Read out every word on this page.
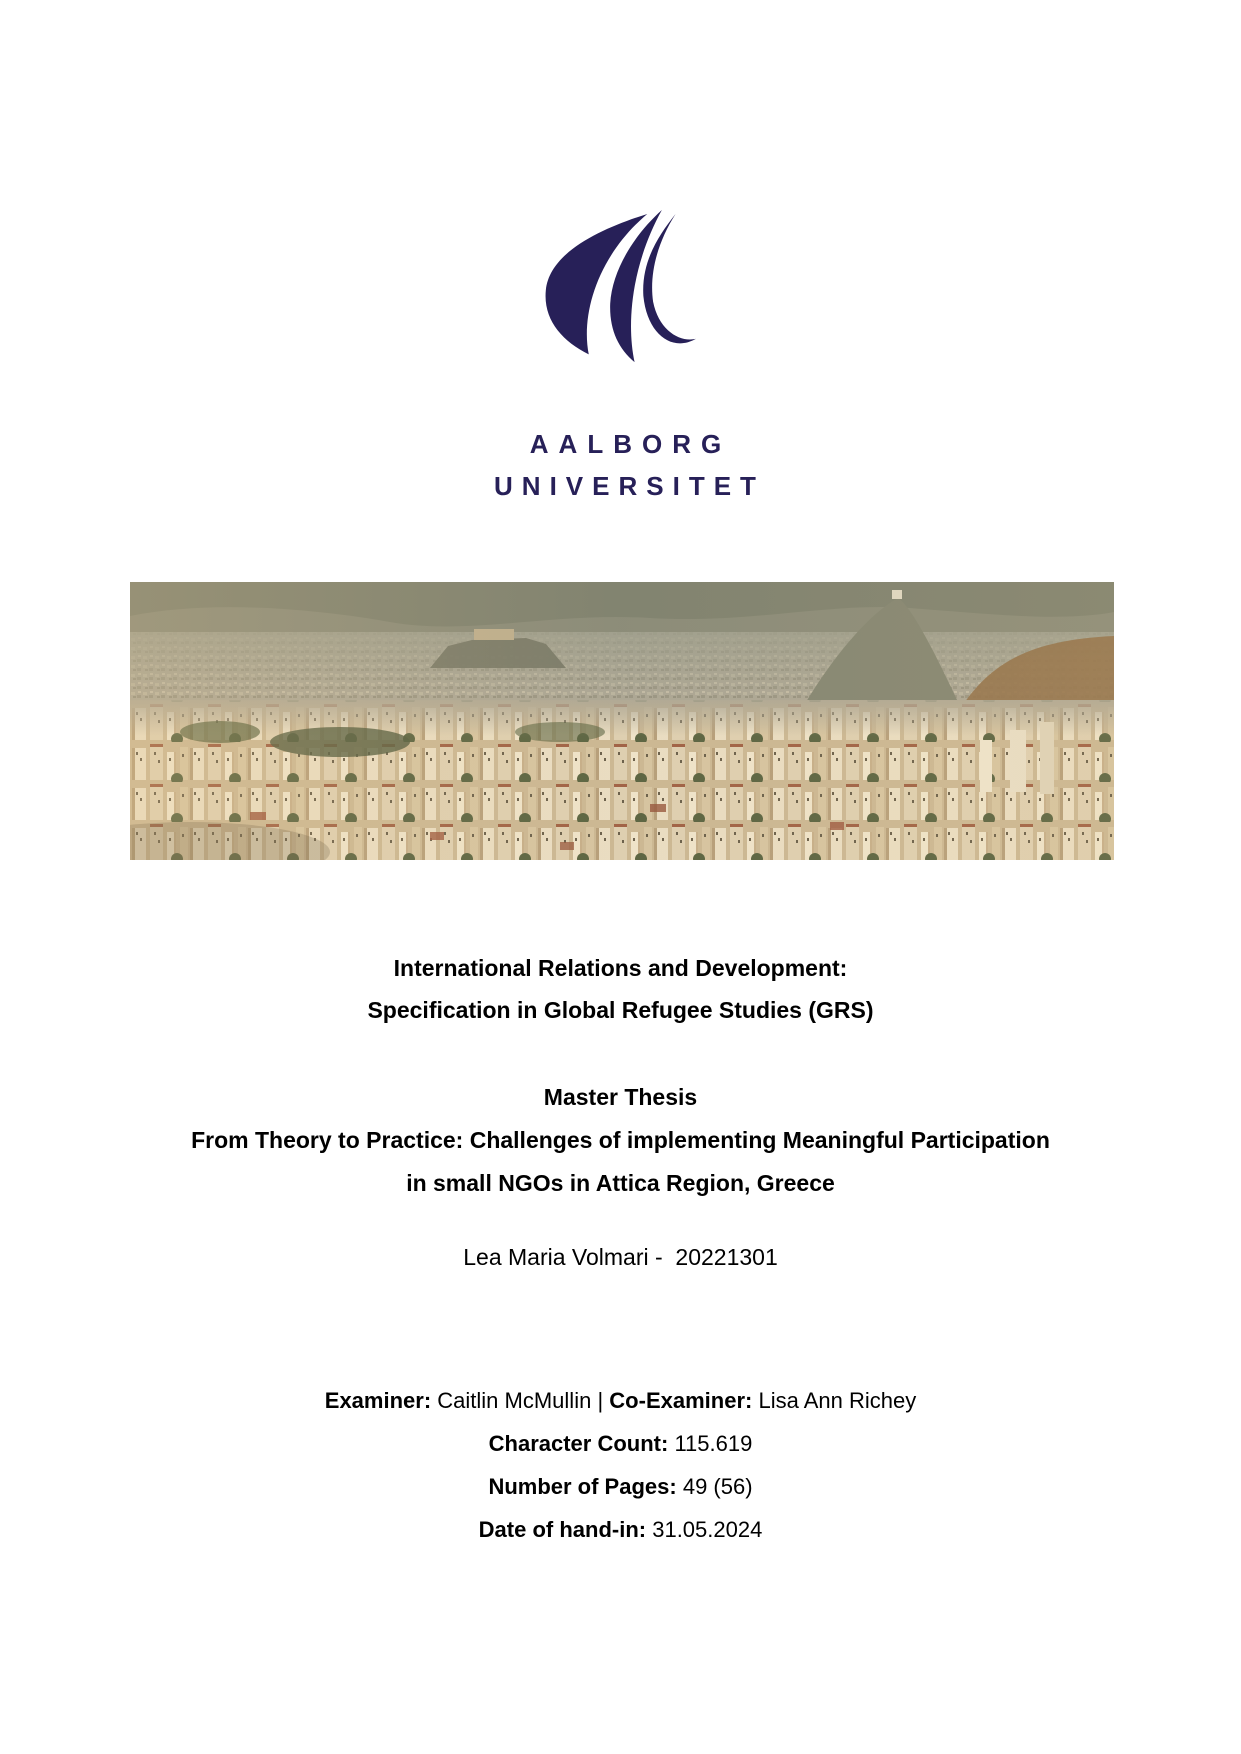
AALBORG
UNIVERSITET
International Relations and Development:
Specification in Global Refugee Studies (GRS)
Master Thesis
From Theory to Practice: Challenges of implementing Meaningful Participation
in small NGOs in Attica Region, Greece
Lea Maria Volmari -  20221301
Examiner: Caitlin McMullin | Co-Examiner: Lisa Ann Richey
Character Count: 115.619
Number of Pages: 49 (56)
Date of hand-in: 31.05.2024
